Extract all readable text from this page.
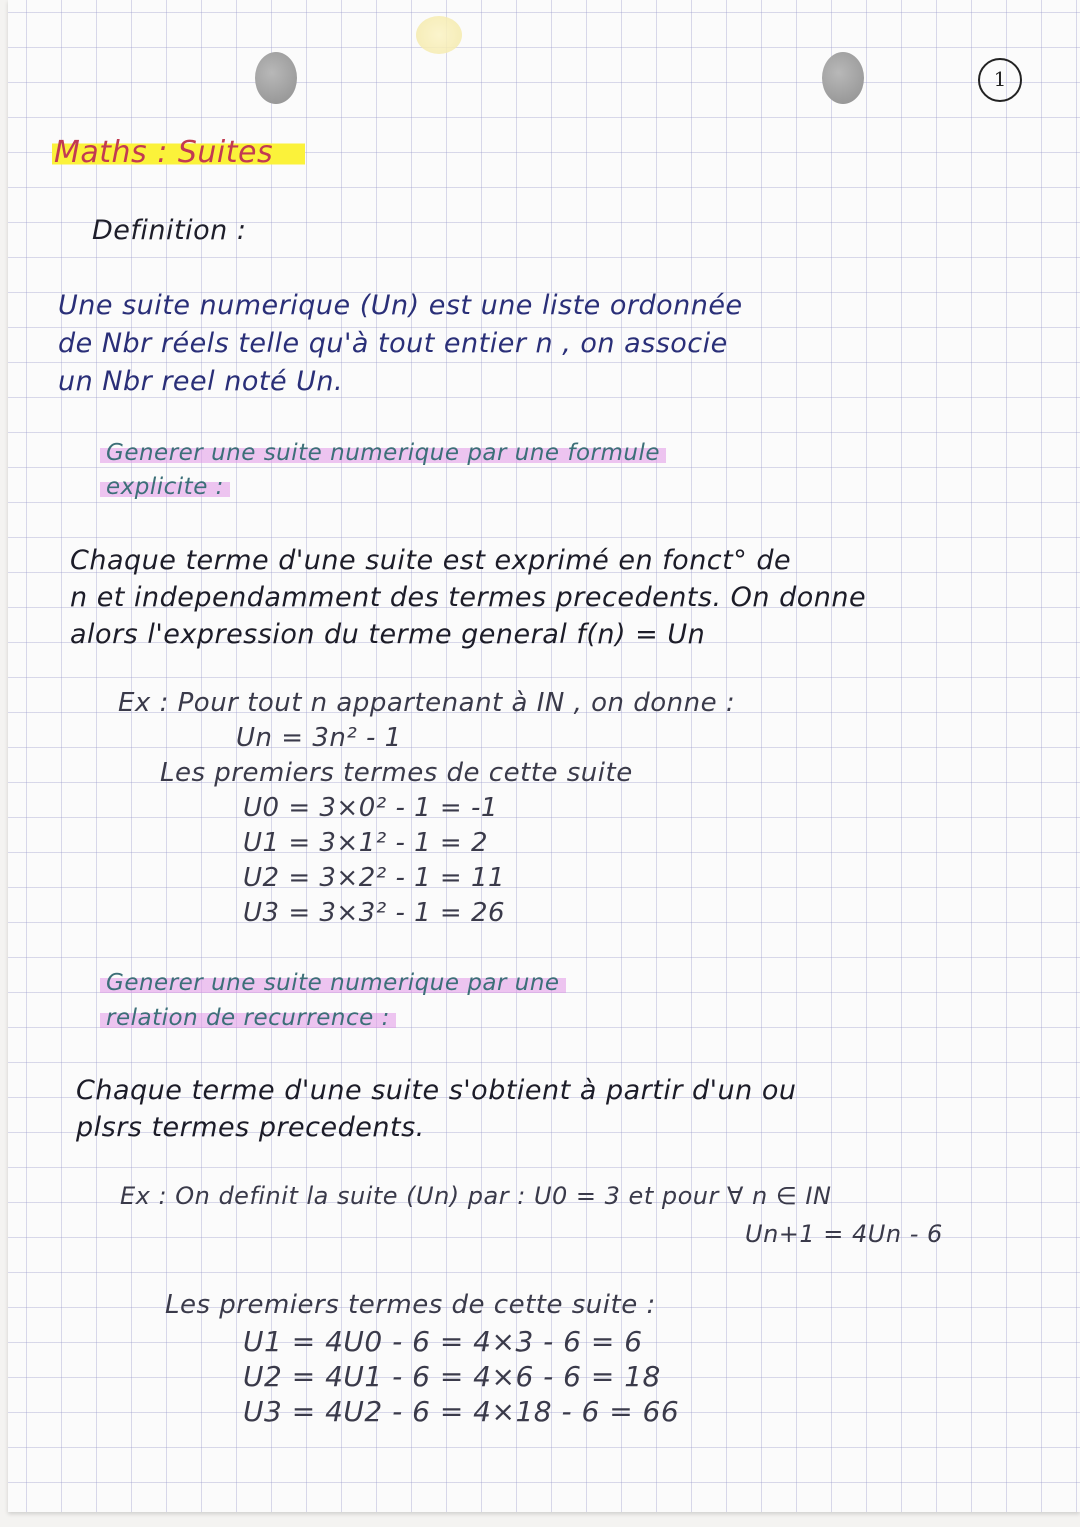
1
Maths : Suites
Definition :
Une suite numerique (Un) est une liste ordonnée
de Nbr réels telle qu'à tout entier n , on associe
un Nbr reel noté Un.
Generer une suite numerique par une formule
explicite :
Chaque terme d'une suite est exprimé en fonct° de
n et independamment des termes precedents. On donne
alors l'expression du terme general f(n) = Un
Ex : Pour tout n appartenant à IN , on donne :
Un = 3n² - 1
Les premiers termes de cette suite
U0 = 3×0² - 1 = -1
U1 = 3×1² - 1 = 2
U2 = 3×2² - 1 = 11
U3 = 3×3² - 1 = 26
Generer une suite numerique par une
relation de recurrence :
Chaque terme d'une suite s'obtient à partir d'un ou
plsrs termes precedents.
Ex : On definit la suite (Un) par : U0 = 3 et pour ∀ n ∈ IN
Un+1 = 4Un - 6
Les premiers termes de cette suite :
U1 = 4U0 - 6 = 4×3 - 6 = 6
U2 = 4U1 - 6 = 4×6 - 6 = 18
U3 = 4U2 - 6 = 4×18 - 6 = 66
